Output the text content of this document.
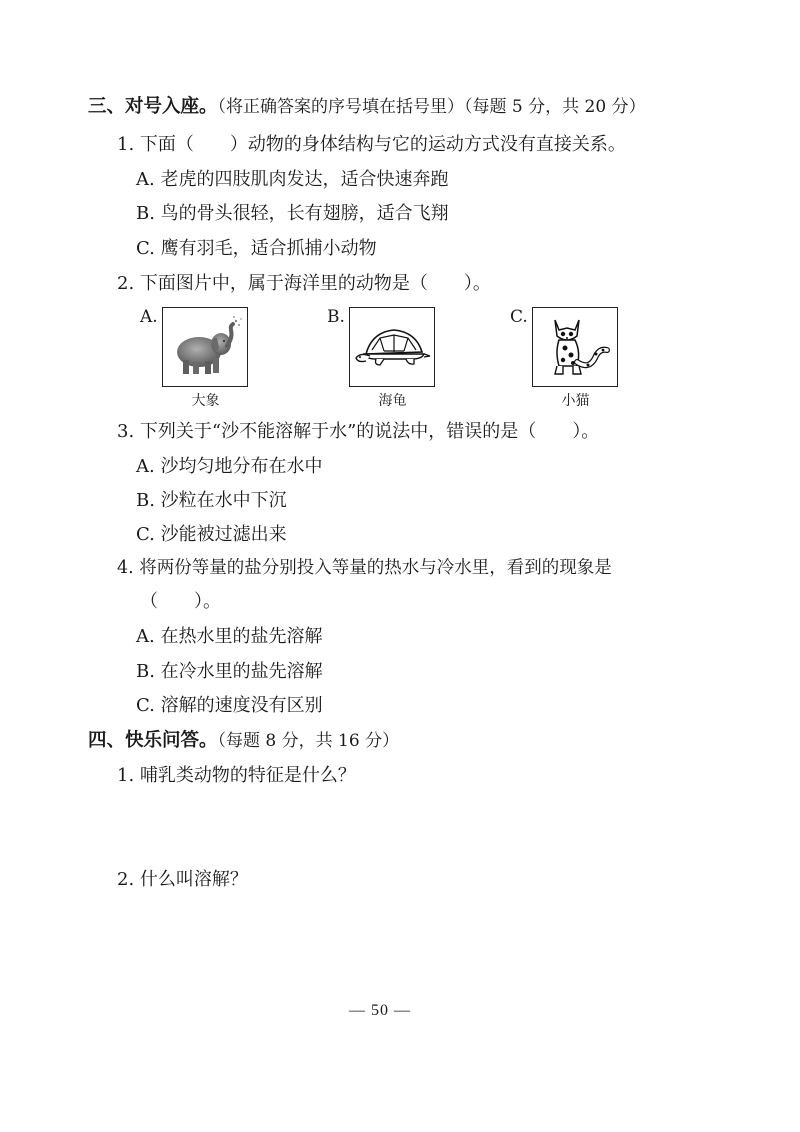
三、对号入座。（将正确答案的序号填在括号里）（每题 5 分，共 20 分）
1. 下面（ ）动物的身体结构与它的运动方式没有直接关系。
A. 老虎的四肢肌肉发达，适合快速奔跑
B. 鸟的骨头很轻，长有翅膀，适合飞翔
C. 鹰有羽毛，适合抓捕小动物
2. 下面图片中，属于海洋里的动物是（ ）。
A.
大象
B.
海龟
C.
小猫
3. 下列关于“沙不能溶解于水”的说法中，错误的是（ ）。
A. 沙均匀地分布在水中
B. 沙粒在水中下沉
C. 沙能被过滤出来
4. 将两份等量的盐分别投入等量的热水与冷水里，看到的现象是
（ ）。
A. 在热水里的盐先溶解
B. 在冷水里的盐先溶解
C. 溶解的速度没有区别
四、快乐问答。（每题 8 分，共 16 分）
1. 哺乳类动物的特征是什么？
2. 什么叫溶解？
— 50 —
